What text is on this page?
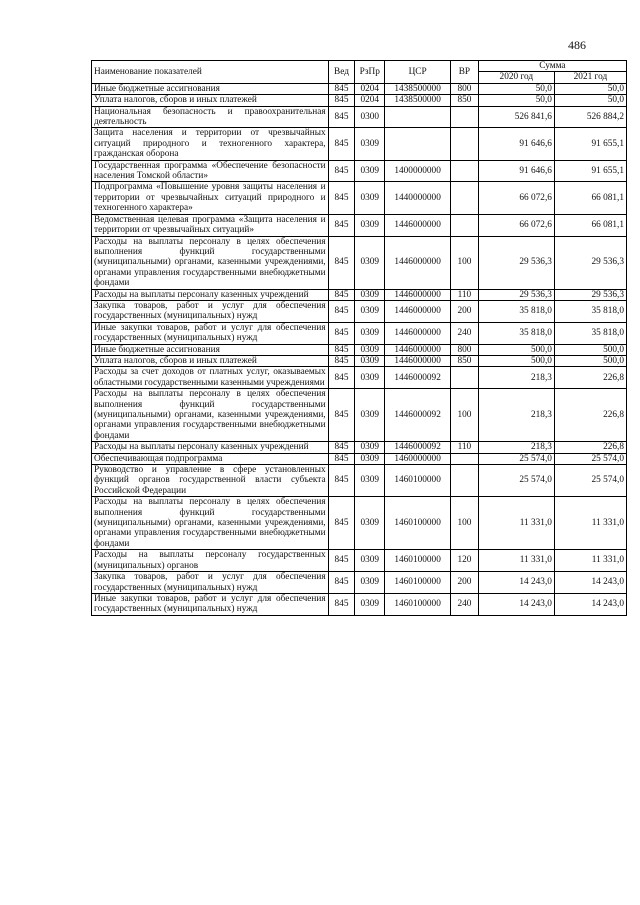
486
Наименование показателей	Вед	РзПр	ЦСР	ВР	Сумма	
					2020 год	2021 год
Иные бюджетные ассигнования	845	0204	1438500000	800	50,0	50,0
Уплата налогов, сборов и иных платежей	845	0204	1438500000	850	50,0	50,0
Национальная безопасность и правоохранительная деятельность	845	0300			526 841,6	526 884,2
Защита населения и территории от чрезвычайных ситуаций природного и техногенного характера, гражданская оборона	845	0309			91 646,6	91 655,1
Государственная программа «Обеспечение безопасности населения Томской области»	845	0309	1400000000		91 646,6	91 655,1
Подпрограмма «Повышение уровня защиты населения и территории от чрезвычайных ситуаций природного и техногенного характера»	845	0309	1440000000		66 072,6	66 081,1
Ведомственная целевая программа «Защита населения и территории от чрезвычайных ситуаций»	845	0309	1446000000		66 072,6	66 081,1
Расходы на выплаты персоналу в целях обеспечения выполнения функций государственными (муниципальными) органами, казенными учреждениями, органами управления государственными внебюджетными фондами	845	0309	1446000000	100	29 536,3	29 536,3
Расходы на выплаты персоналу казенных учреждений	845	0309	1446000000	110	29 536,3	29 536,3
Закупка товаров, работ и услуг для обеспечения государственных (муниципальных) нужд	845	0309	1446000000	200	35 818,0	35 818,0
Иные закупки товаров, работ и услуг для обеспечения государственных (муниципальных) нужд	845	0309	1446000000	240	35 818,0	35 818,0
Иные бюджетные ассигнования	845	0309	1446000000	800	500,0	500,0
Уплата налогов, сборов и иных платежей	845	0309	1446000000	850	500,0	500,0
Расходы за счет доходов от платных услуг, оказываемых областными государственными казенными учреждениями	845	0309	1446000092		218,3	226,8
Расходы на выплаты персоналу в целях обеспечения выполнения функций государственными (муниципальными) органами, казенными учреждениями, органами управления государственными внебюджетными фондами	845	0309	1446000092	100	218,3	226,8
Расходы на выплаты персоналу казенных учреждений	845	0309	1446000092	110	218,3	226,8
Обеспечивающая подпрограмма	845	0309	1460000000		25 574,0	25 574,0
Руководство и управление в сфере установленных функций органов государственной власти субъекта Российской Федерации	845	0309	1460100000		25 574,0	25 574,0
Расходы на выплаты персоналу в целях обеспечения выполнения функций государственными (муниципальными) органами, казенными учреждениями, органами управления государственными внебюджетными фондами	845	0309	1460100000	100	11 331,0	11 331,0
Расходы на выплаты персоналу государственных (муниципальных) органов	845	0309	1460100000	120	11 331,0	11 331,0
Закупка товаров, работ и услуг для обеспечения государственных (муниципальных) нужд	845	0309	1460100000	200	14 243,0	14 243,0
Иные закупки товаров, работ и услуг для обеспечения государственных (муниципальных) нужд	845	0309	1460100000	240	14 243,0	14 243,0
